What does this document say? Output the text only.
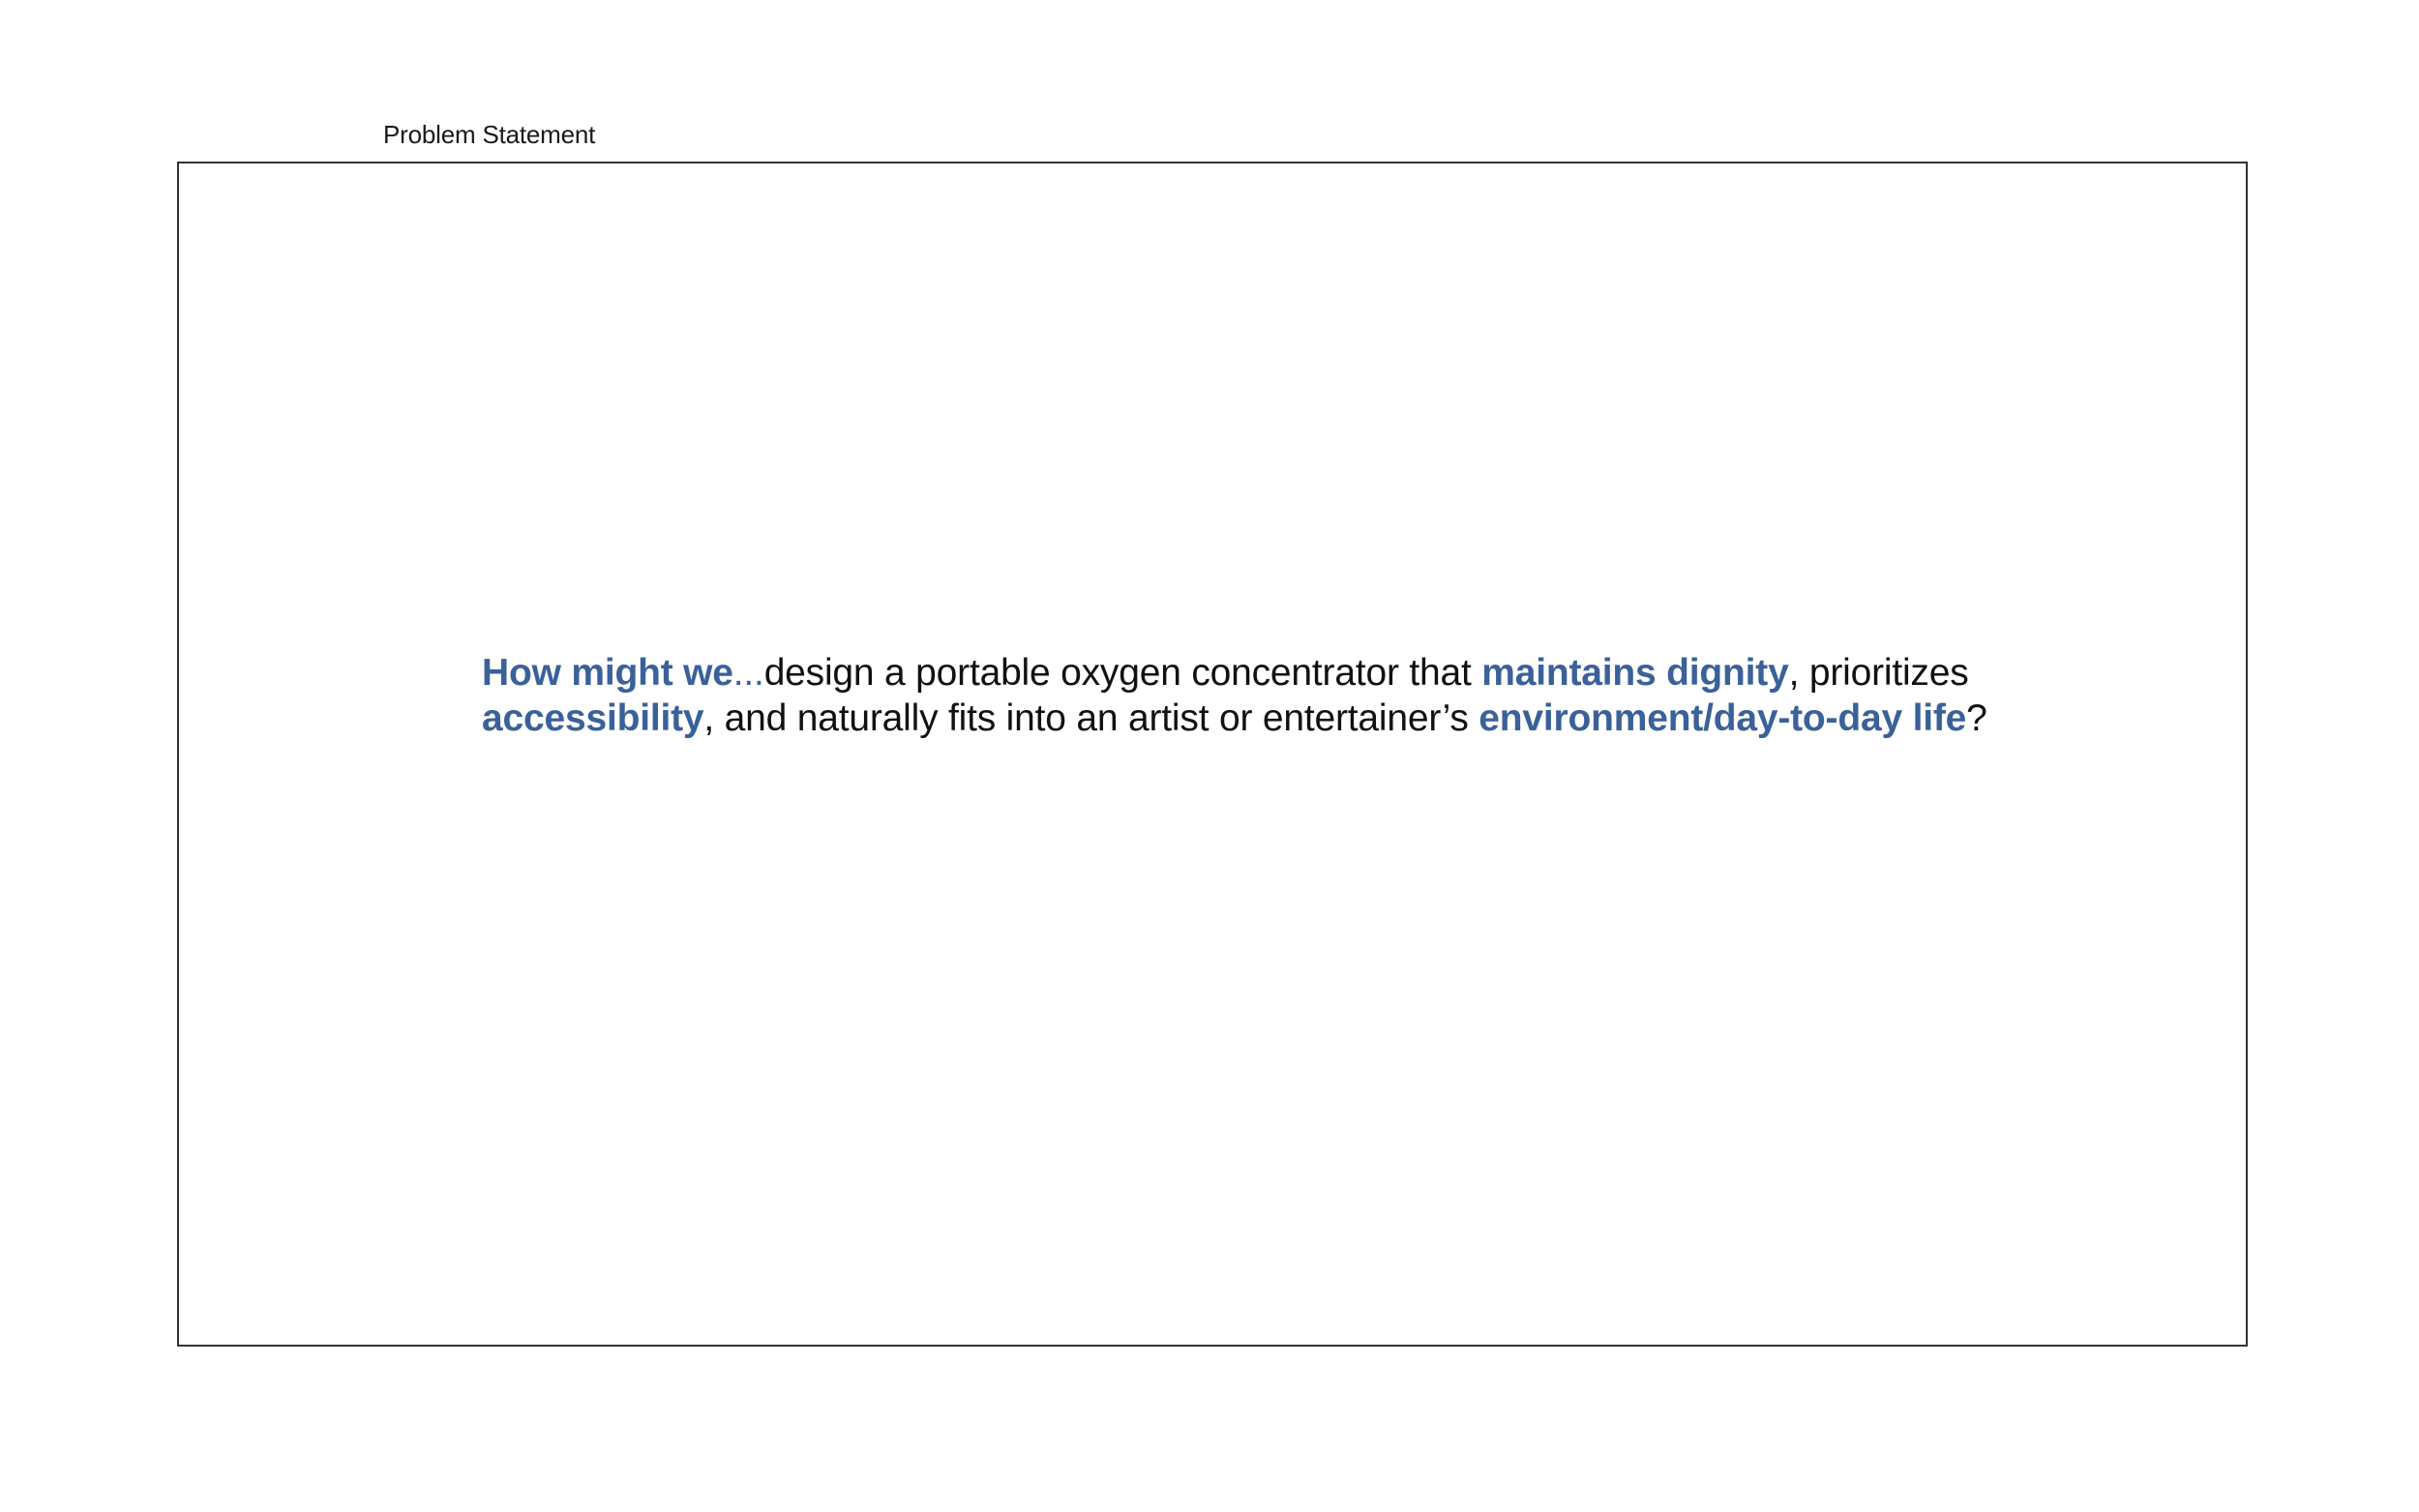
Problem Statement
How might we...design a portable oxygen concentrator that maintains dignity, prioritizes
accessibility, and naturally fits into an artist or entertainer’s environment/day-to-day life?
